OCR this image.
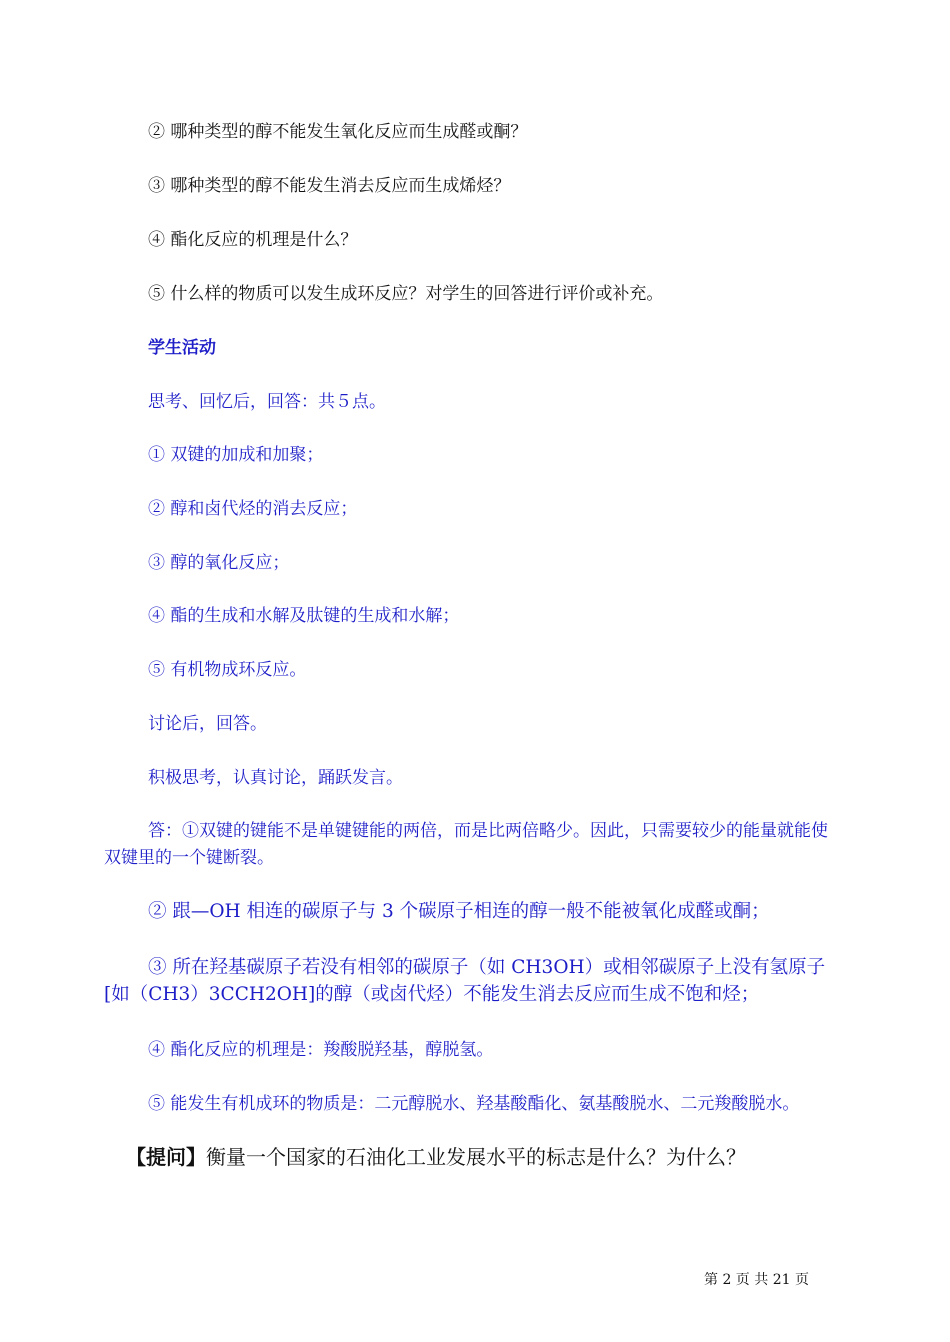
② 哪种类型的醇不能发生氧化反应而生成醛或酮？
③ 哪种类型的醇不能发生消去反应而生成烯烃？
④ 酯化反应的机理是什么？
⑤ 什么样的物质可以发生成环反应？对学生的回答进行评价或补充。
学生活动
思考、回忆后，回答：共５点。
① 双键的加成和加聚；
② 醇和卤代烃的消去反应；
③ 醇的氧化反应；
④ 酯的生成和水解及肽键的生成和水解；
⑤ 有机物成环反应。
讨论后，回答。
积极思考，认真讨论，踊跃发言。
答：①双键的键能不是单键键能的两倍，而是比两倍略少。因此，只需要较少的能量就能使双键里的一个键断裂。
② 跟—OH 相连的碳原子与 3 个碳原子相连的醇一般不能被氧化成醛或酮；
③ 所在羟基碳原子若没有相邻的碳原子（如 CH3OH）或相邻碳原子上没有氢原子[如（CH3）3CCH2OH]的醇（或卤代烃）不能发生消去反应而生成不饱和烃；
④ 酯化反应的机理是：羧酸脱羟基，醇脱氢。
⑤ 能发生有机成环的物质是：二元醇脱水、羟基酸酯化、氨基酸脱水、二元羧酸脱水。
【提问】衡量一个国家的石油化工业发展水平的标志是什么？为什么？
第 2 页 共 21 页
